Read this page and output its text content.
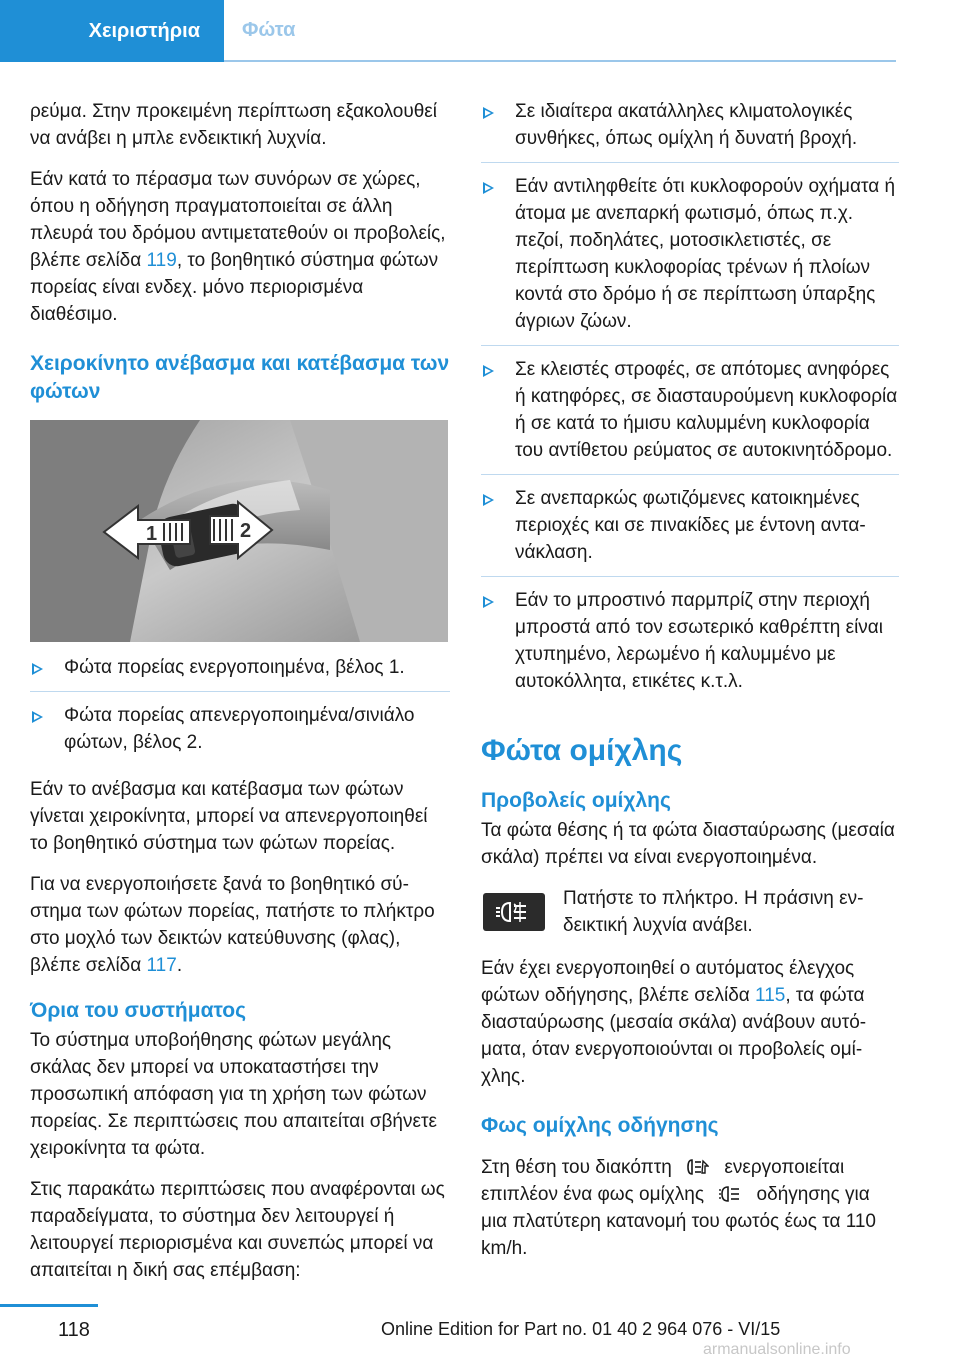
Χειριστήρια	Φώτα

ρεύμα. Στην προκειμένη περίπτωση εξακολουθεί να ανάβει η μπλε ενδεικτική λυχνία.

Εάν κατά το πέρασμα των συνόρων σε χώρες, όπου η οδήγηση πραγματοποιείται σε άλλη πλευρά του δρόμου αντιμετατεθούν οι προβολείς, βλέπε σελίδα 119, το βοηθητικό σύστημα φώτων πορείας είναι ενδεχ. μόνο περιορισμένα διαθέσιμο.

Χειροκίνητο ανέβασμα και κατέβασμα των φώτων
1	2
Φώτα πορείας ενεργοποιημένα, βέλος 1.
Φώτα πορείας απενεργοποιημένα/σινιάλο φώτων, βέλος 2.

Εάν το ανέβασμα και κατέβασμα των φώτων γίνεται χειροκίνητα, μπορεί να απενεργοποιηθεί το βοηθητικό σύστημα των φώτων πορείας.

Για να ενεργοποιήσετε ξανά το βοηθητικό σύστημα των φώτων πορείας, πατήστε το πλήκτρο στο μοχλό των δεικτών κατεύθυνσης (φλας), βλέπε σελίδα 117.

Όρια του συστήματος

Το σύστημα υποβοήθησης φώτων μεγάλης σκάλας δεν μπορεί να υποκαταστήσει την προσωπική απόφαση για τη χρήση των φώτων πορείας. Σε περιπτώσεις που απαιτείται σβήνετε χειροκίνητα τα φώτα.

Στις παρακάτω περιπτώσεις που αναφέρονται ως παραδείγματα, το σύστημα δεν λειτουργεί ή λειτουργεί περιορισμένα και συνεπώς μπορεί να απαιτείται η δική σας επέμβαση:

Σε ιδιαίτερα ακατάλληλες κλιματολογικές συνθήκες, όπως ομίχλη ή δυνατή βροχή.
Εάν αντιληφθείτε ότι κυκλοφορούν οχήματα ή άτομα με ανεπαρκή φωτισμό, όπως π.χ. πεζοί, ποδηλάτες, μοτοσικλετιστές, σε περίπτωση κυκλοφορίας τρένων ή πλοίων κοντά στο δρόμο ή σε περίπτωση ύπαρξης άγριων ζώων.
Σε κλειστές στροφές, σε απότομες ανηφόρες ή κατηφόρες, σε διασταυρούμενη κυκλοφορία ή σε κατά το ήμισυ καλυμμένη κυκλοφορία του αντίθετου ρεύματος σε αυτοκινητόδρομο.
Σε ανεπαρκώς φωτιζόμενες κατοικημένες περιοχές και σε πινακίδες με έντονη αντανάκλαση.
Εάν το μπροστινό παρμπρίζ στην περιοχή μπροστά από τον εσωτερικό καθρέπτη είναι χτυπημένο, λερωμένο ή καλυμμένο με αυτοκόλλητα, ετικέτες κ.τ.λ.
Φώτα ομίχλης
Προβολείς ομίχλης

Τα φώτα θέσης ή τα φώτα διασταύρωσης (μεσαία σκάλα) πρέπει να είναι ενεργοποιημένα.

Πατήστε το πλήκτρο. Η πράσινη ενδεικτική λυχνία ανάβει.

Εάν έχει ενεργοποιηθεί ο αυτόματος έλεγχος φώτων οδήγησης, βλέπε σελίδα 115, τα φώτα διασταύρωσης (μεσαία σκάλα) ανάβουν αυτόματα, όταν ενεργοποιούνται οι προβολείς ομίχλης.

Φως ομίχλης οδήγησης

Στη θέση του διακόπτη	ενεργοποιείται επιπλέον ένα φως ομίχλης	οδήγησης για μια πλατύτερη κατανομή του φωτός έως τα 110 km/h.

118	Online Edition for Part no. 01 40 2 964 076 - VI/15
armanualsonline.info
